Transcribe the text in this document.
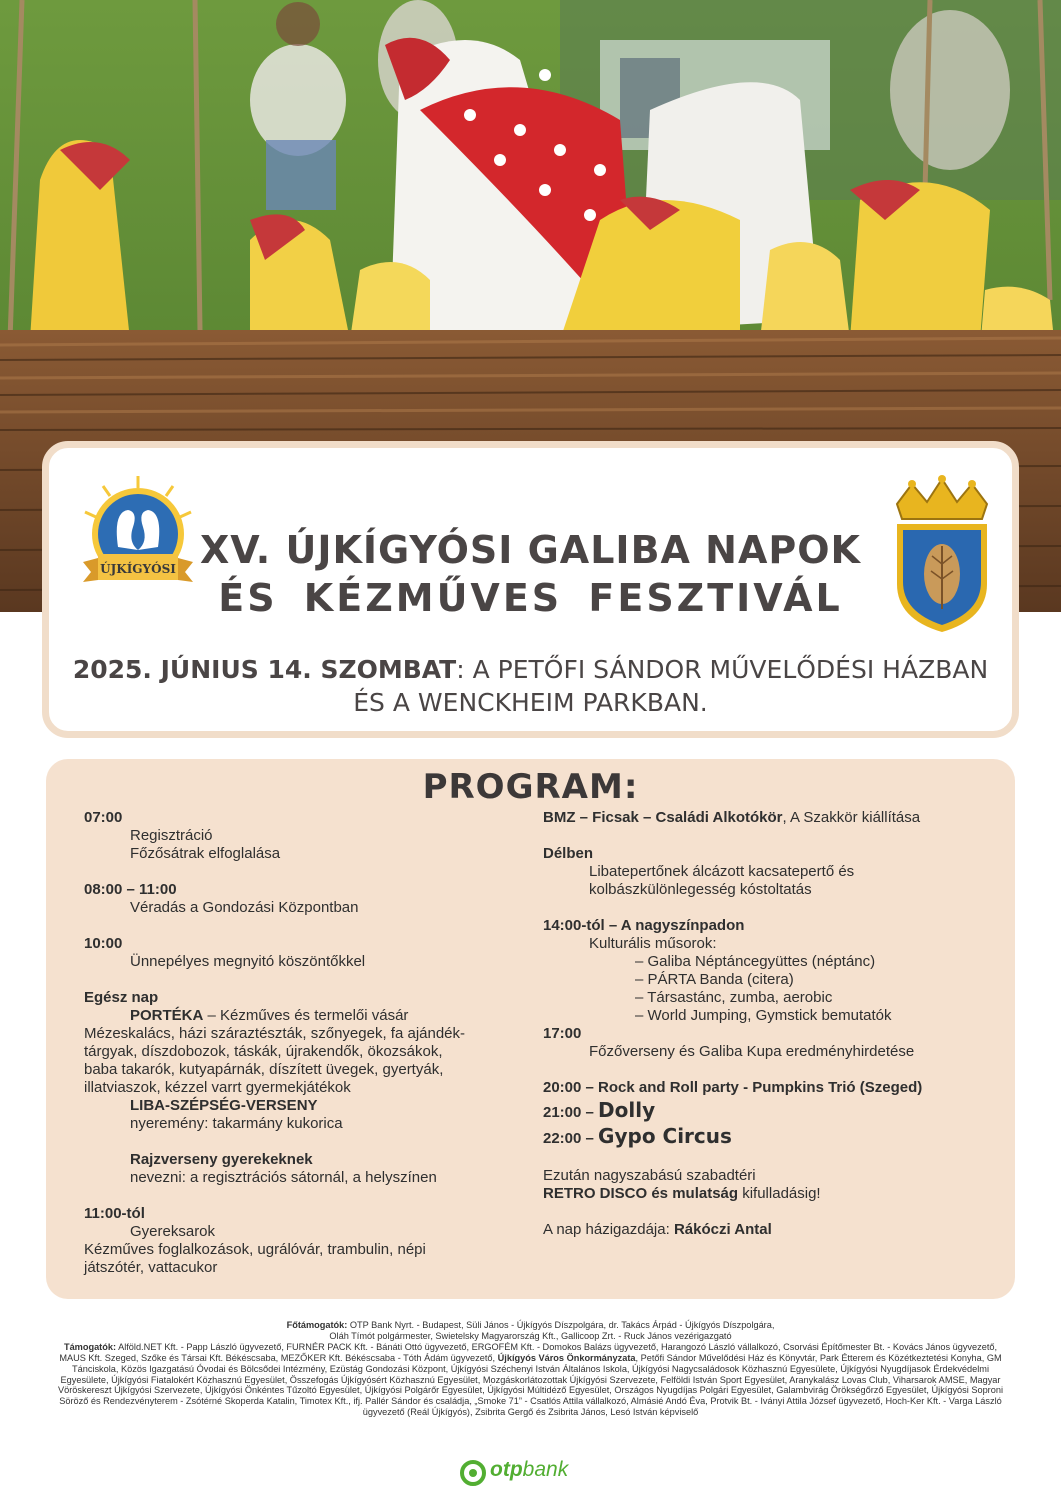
ÚJKÍGYÓSI XV. ÚJKÍGYÓSI GALIBA NAPOK
ÉS KÉZMŰVES FESZTIVÁL
2025. JÚNIUS 14. SZOMBAT: A PETŐFI SÁNDOR MŰVELŐDÉSI HÁZBAN
ÉS A WENCKHEIM PARKBAN.
PROGRAM:
07:00
Regisztráció
Főzősátrak elfoglalása
08:00 – 11:00
Véradás a Gondozási Központban
10:00
Ünnepélyes megnyitó köszöntőkkel
Egész nap
PORTÉKA – Kézműves és termelői vásár
Mézeskalács, házi száraztészták, szőnyegek, fa ajándék-
tárgyak, díszdobozok, táskák, újrakendők, ökozsákok,
baba takarók, kutyapárnák, díszített üvegek, gyertyák,
illatviaszok, kézzel varrt gyermekjátékok
LIBA-SZÉPSÉG-VERSENY
nyeremény: takarmány kukorica
Rajzverseny gyerekeknek
nevezni: a regisztrációs sátornál, a helyszínen
11:00-tól
Gyereksarok
Kézműves foglalkozások, ugrálóvár, trambulin, népi
játszótér, vattacukor
BMZ – Ficsak – Családi Alkotókör, A Szakkör kiállítása
Délben
Libatepertőnek álcázott kacsatepertő és
kolbászkülönlegesség kóstoltatás
14:00-tól – A nagyszínpadon
Kulturális műsorok:
– Galiba Néptáncegyüttes (néptánc)
– PÁRTA Banda (citera)
– Társastánc, zumba, aerobic
– World Jumping, Gymstick bemutatók
17:00
Főzőverseny és Galiba Kupa eredményhirdetése
20:00 – Rock and Roll party - Pumpkins Trió (Szeged)
21:00 – Dolly
22:00 – Gypo Circus
Ezután nagyszabású szabadtéri
RETRO DISCO és mulatság kifulladásig!
A nap házigazdája: Rákóczi Antal
Főtámogatók: OTP Bank Nyrt. - Budapest, Süli János - Újkígyós Díszpolgára, dr. Takács Árpád - Újkígyós Díszpolgára,
Oláh Tímót polgármester, Swietelsky Magyarország Kft., Gallicoop Zrt. - Ruck János vezérigazgató
Támogatók: Alföld.NET Kft. - Papp László ügyvezető, FURNÉR PACK Kft. - Bánáti Ottó ügyvezető, ERGOFÉM Kft. - Domokos Balázs ügyvezető, Harangozó László vállalkozó, Csorvási Építőmester Bt. - Kovács János ügyvezető, MAUS Kft. Szeged, Szőke és Társai Kft. Békéscsaba, MEZŐKER Kft. Békéscsaba - Tóth Ádám ügyvezető, Újkígyós Város Önkormányzata, Petőfi Sándor Művelődési Ház és Könyvtár, Park Étterem és Közétkeztetési Konyha, GM Tánciskola, Közös Igazgatású Óvodai és Bölcsődei Intézmény, Ezüstág Gondozási Központ, Újkígyósi Széchenyi István Általános Iskola, Újkígyósi Nagycsaládosok Közhasznú Egyesülete, Újkígyósi Nyugdíjasok Érdekvédelmi Egyesülete, Újkígyósi Fiatalokért Közhasznú Egyesület, Összefogás Újkígyósért Közhasznú Egyesület, Mozgáskorlátozottak Újkígyósi Szervezete, Felföldi István Sport Egyesület, Aranykalász Lovas Club, Viharsarok AMSE, Magyar Vöröskereszt Újkígyósi Szervezete, Újkígyósi Önkéntes Tűzoltó Egyesület, Újkígyósi Polgárőr Egyesület, Újkígyósi Múltidéző Egyesület, Országos Nyugdíjas Polgári Egyesület, Galambvirág Örökségőrző Egyesület, Újkígyósi Soproni Söröző és Rendezvényterem - Zsótérné Skoperda Katalin, Timotex Kft., ifj. Pallér Sándor és családja, „Smoke 71” - Csatlós Attila vállalkozó, Almásié Andó Éva, Protvik Bt. - Iványi Attila József ügyvezető, Hoch-Ker Kft. - Varga László ügyvezető (Reál Újkígyós), Zsibrita Gergő és Zsibrita János, Lesó István képviselő
otpbank
